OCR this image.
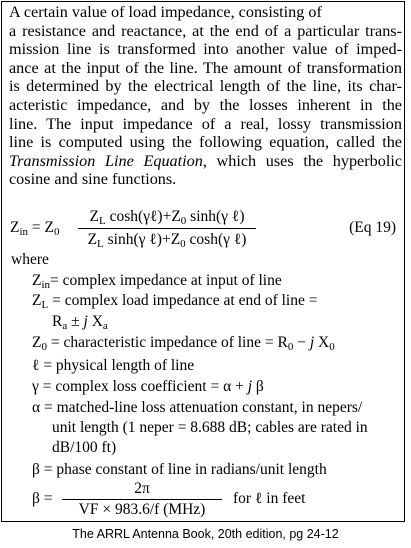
A certain value of load impedance, consisting of
a resistance and reactance, at the end of a particular trans-
mission line is transformed into another value of imped-
ance at the input of the line. The amount of transformation
is determined by the electrical length of the line, its char-
acteristic impedance, and by the losses inherent in the
line. The input impedance of a real, lossy transmission
line is computed using the following equation, called the
Transmission Line Equation, which uses the hyperbolic
cosine and sine functions.
$Z_{in} = Z_0$
$Z_L$ $\cosh(\gamma\ell)+Z_0$ sinh(γ ℓ)
$Z_L$ sinh(γ $\ell)+Z_0$ cosh(γ ℓ)
(Eq 19)
where
$Z_{in}=$ complex impedance at input of line
$Z_L$ = complex load impedance at end of line =
$R_a \pm j$ $X_a$
$Z_0$ = characteristic impedance of line = $R_0 - j$ $X_0$
ℓ = physical length of line
γ = complex loss coefficient = α + j β
α = matched-line loss attenuation constant, in nepers/
unit length (1 neper = 8.688 dB; cables are rated in
dB/100 ft)
β = phase constant of line in radians/unit length
β =
2π
VF × 983.6/f (MHz)
for ℓ in feet
The ARRL Antenna Book, 20th edition, pg 24-12
